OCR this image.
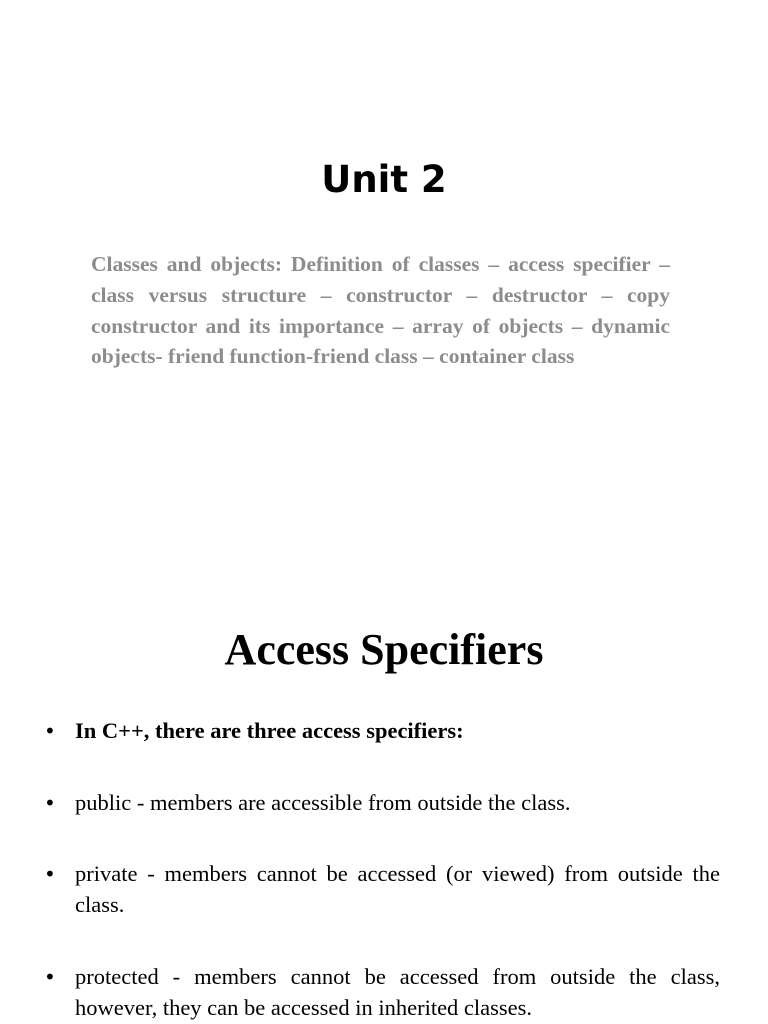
Unit 2

Classes and objects: Definition of classes – access specifier – class versus structure – constructor – destructor – copy constructor and its importance – array of objects – dynamic objects- friend function-friend class – container class

Access Specifiers
• In C++, there are three access specifiers:
• public - members are accessible from outside the class.
• private - members cannot be accessed (or viewed) from outside the class.
• protected - members cannot be accessed from outside the class, however, they can be accessed in inherited classes.
